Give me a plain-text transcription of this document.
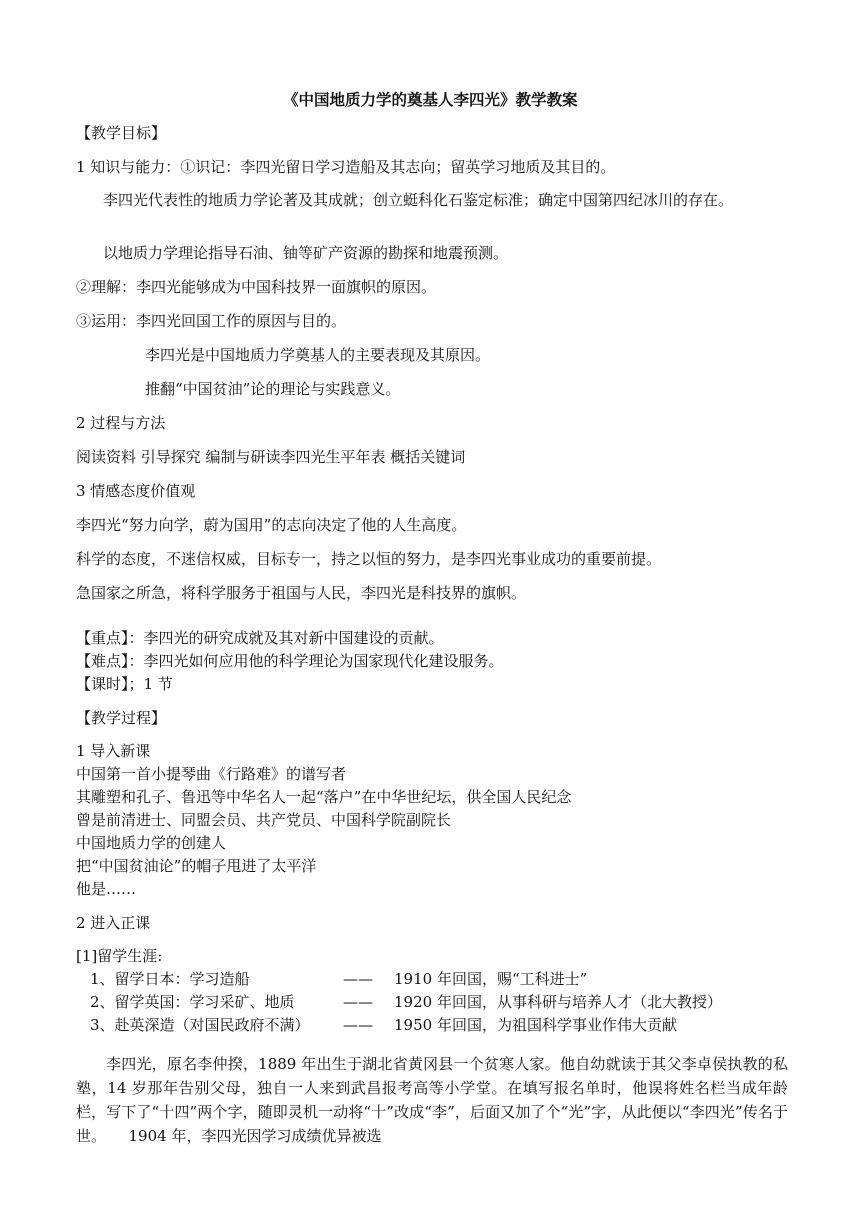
《中国地质力学的奠基人李四光》教学教案
【教学目标】
1 知识与能力：①识记：李四光留日学习造船及其志向；留英学习地质及其目的。
李四光代表性的地质力学论著及其成就；创立蜓科化石鉴定标准；确定中国第四纪冰川的存在。
以地质力学理论指导石油、铀等矿产资源的勘探和地震预测。
②理解：李四光能够成为中国科技界一面旗帜的原因。
③运用：李四光回国工作的原因与目的。
李四光是中国地质力学奠基人的主要表现及其原因。
推翻“中国贫油”论的理论与实践意义。
2 过程与方法
阅读资料 引导探究 编制与研读李四光生平年表 概括关键词
3 情感态度价值观
李四光“努力向学，蔚为国用”的志向决定了他的人生高度。
科学的态度，不迷信权威，目标专一，持之以恒的努力，是李四光事业成功的重要前提。
急国家之所急，将科学服务于祖国与人民，李四光是科技界的旗帜。
【重点】：李四光的研究成就及其对新中国建设的贡献。
【难点】：李四光如何应用他的科学理论为国家现代化建设服务。
【课时】；1 节
【教学过程】
1 导入新课
中国第一首小提琴曲《行路难》的谱写者
其雕塑和孔子、鲁迅等中华名人一起“落户”在中华世纪坛，供全国人民纪念
曾是前清进士、同盟会员、共产党员、中国科学院副院长
中国地质力学的创建人
把“中国贫油论”的帽子甩进了太平洋
他是……
2 进入正课
[1]留学生涯:
1、留学日本：学习造船	—— 1910 年回国，赐“工科进士”
2、留学英国：学习采矿、地质	—— 1920 年回国，从事科研与培养人才（北大教授）
3、赴英深造（对国民政府不满） —— 1950 年回国，为祖国科学事业作伟大贡献
李四光，原名李仲揆，1889 年出生于湖北省黄冈县一个贫寒人家。他自幼就读于其父李卓侯执教的私塾，14 岁那年告别父母，独自一人来到武昌报考高等小学堂。在填写报名单时，他误将姓名栏当成年龄栏，写下了“十四”两个字，随即灵机一动将“十”改成“李”，后面又加了个“光”字，从此便以“李四光”传名于世。　　1904 年，李四光因学习成绩优异被选
